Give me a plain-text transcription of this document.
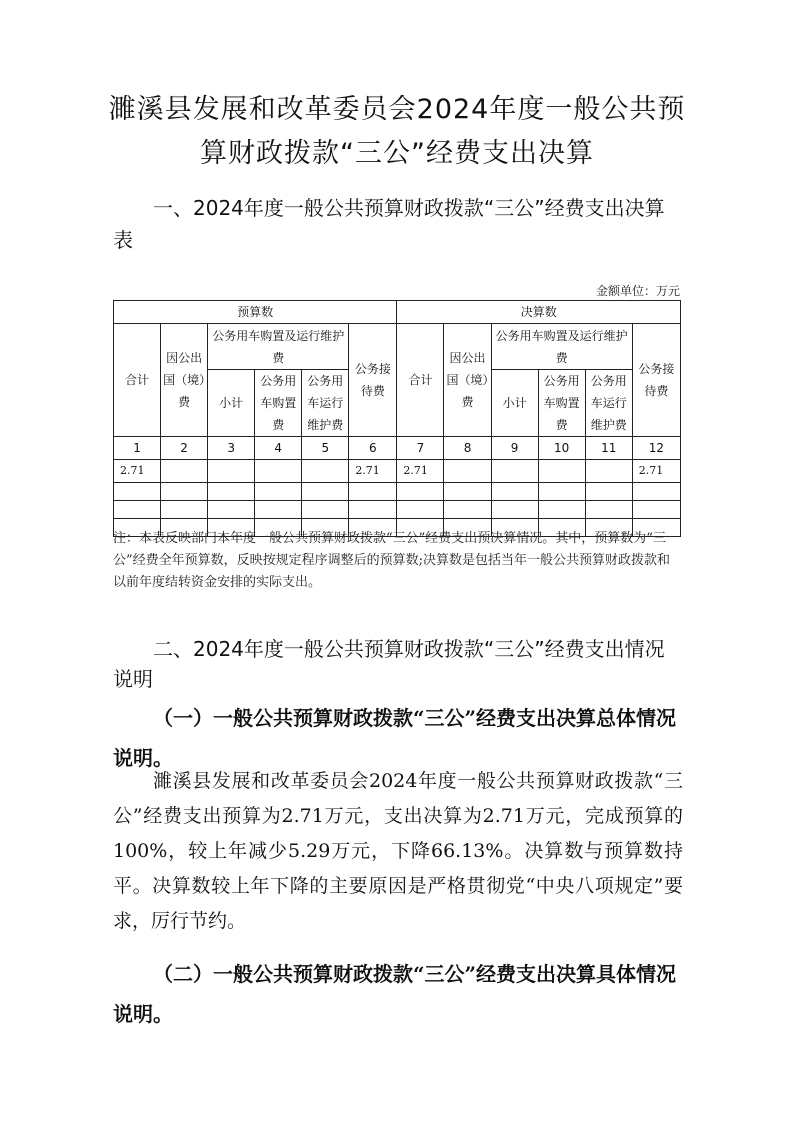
濉溪县发展和改革委员会2024年度一般公共预算财政拨款“三公”经费支出决算
一、2024年度一般公共预算财政拨款“三公”经费支出决算表
金额单位：万元
预算数						决算数					
合计	因公出国（境）费	公务用车购置及运行维护费			公务接待费	合计	因公出国（境）费	公务用车购置及运行维护费			公务接待费
		小计	公务用车购置费	公务用车运行维护费				小计	公务用车购置费	公务用车运行维护费	
1	2	3	4	5	6	7	8	9	10	11	12
2.71					2.71	2.71					2.71

注：本表反映部门本年度一般公共预算财政拨款“三公”经费支出预决算情况。其中，预算数为“三公”经费全年预算数，反映按规定程序调整后的预算数;决算数是包括当年一般公共预算财政拨款和以前年度结转资金安排的实际支出。
二、2024年度一般公共预算财政拨款“三公”经费支出情况说明
（一）一般公共预算财政拨款“三公”经费支出决算总体情况说明。
濉溪县发展和改革委员会2024年度一般公共预算财政拨款“三公”经费支出预算为2.71万元，支出决算为2.71万元，完成预算的100%，较上年减少5.29万元，下降66.13%。决算数与预算数持平。决算数较上年下降的主要原因是严格贯彻党“中央八项规定”要求，厉行节约。
（二）一般公共预算财政拨款“三公”经费支出决算具体情况说明。
